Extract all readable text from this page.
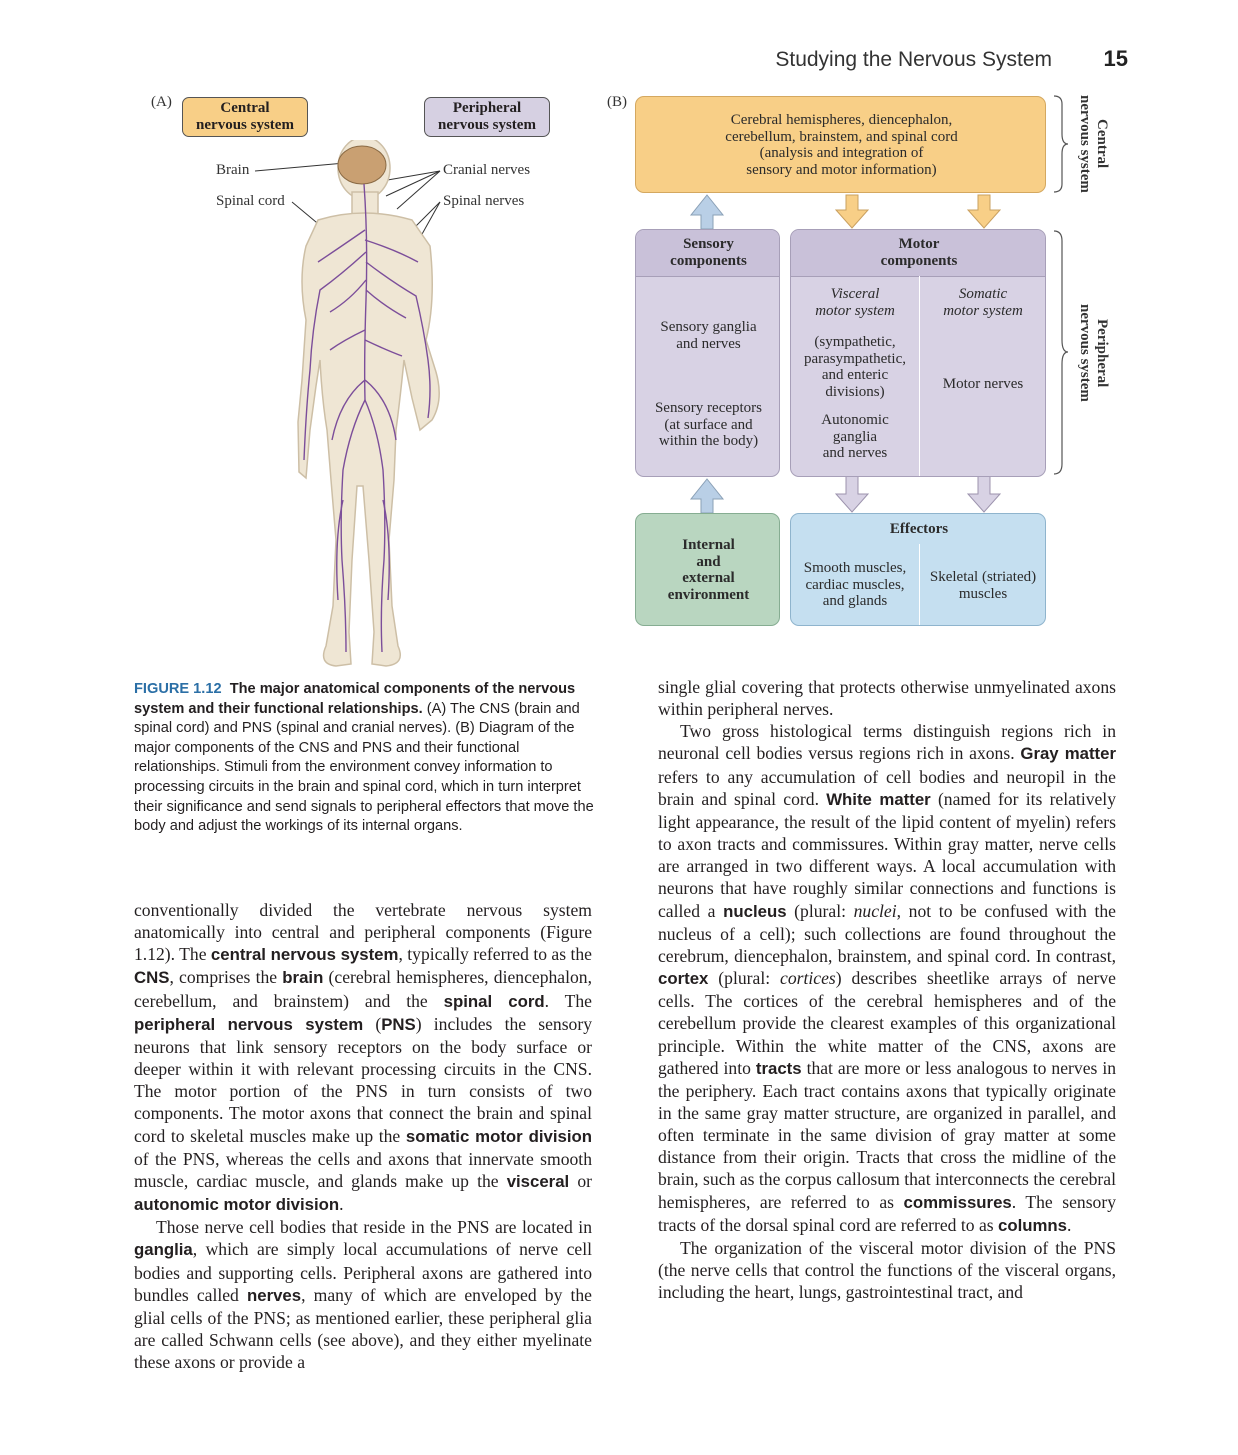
Studying the Nervous System	15
(A)	Central
nervous system
Peripheral
nervous system
Brain
Spinal cord
Cranial nerves
Spinal nerves
(B)
Cerebral hemispheres, diencephalon,
cerebellum, brainstem, and spinal cord
(analysis and integration of
sensory and motor information)
Sensory
components
Sensory ganglia
and nerves
Sensory receptors
(at surface and
within the body)
Motor
components
Visceral
motor system
(sympathetic,
parasympathetic,
and enteric
divisions)
Autonomic
ganglia
and nerves
Somatic
motor system
Motor nerves
Internal
and
external
environment
Effectors
Smooth muscles,
cardiac muscles,
and glands
Skeletal (striated)
muscles
Central
nervous system
Peripheral
nervous system
FIGURE 1.12 The major anatomical components of the nervous system and their functional relationships. (A) The CNS (brain and spinal cord) and PNS (spinal and cranial nerves). (B) Diagram of the major components of the CNS and PNS and their functional relationships. Stimuli from the environment convey information to processing circuits in the brain and spinal cord, which in turn interpret their significance and send signals to peripheral effectors that move the body and adjust the workings of its internal organs.

conventionally divided the vertebrate nervous system anatomically into central and peripheral components (Figure 1.12). The central nervous system, typically referred to as the CNS, comprises the brain (cerebral hemispheres, diencephalon, cerebellum, and brainstem) and the spinal cord. The peripheral nervous system (PNS) includes the sensory neurons that link sensory receptors on the body surface or deeper within it with relevant processing circuits in the CNS. The motor portion of the PNS in turn consists of two components. The motor axons that connect the brain and spinal cord to skeletal muscles make up the somatic motor division of the PNS, whereas the cells and axons that innervate smooth muscle, cardiac muscle, and glands make up the visceral or autonomic motor division.

Those nerve cell bodies that reside in the PNS are located in ganglia, which are simply local accumulations of nerve cell bodies and supporting cells. Peripheral axons are gathered into bundles called nerves, many of which are enveloped by the glial cells of the PNS; as mentioned earlier, these peripheral glia are called Schwann cells (see above), and they either myelinate these axons or provide a

single glial covering that protects otherwise unmyelinated axons within peripheral nerves.

Two gross histological terms distinguish regions rich in neuronal cell bodies versus regions rich in axons. Gray matter refers to any accumulation of cell bodies and neuropil in the brain and spinal cord. White matter (named for its relatively light appearance, the result of the lipid content of myelin) refers to axon tracts and commissures. Within gray matter, nerve cells are arranged in two different ways. A local accumulation with neurons that have roughly similar connections and functions is called a nucleus (plural: nuclei, not to be confused with the nucleus of a cell); such collections are found throughout the cerebrum, diencephalon, brainstem, and spinal cord. In contrast, cortex (plural: cortices) describes sheetlike arrays of nerve cells. The cortices of the cerebral hemispheres and of the cerebellum provide the clearest examples of this organizational principle. Within the white matter of the CNS, axons are gathered into tracts that are more or less analogous to nerves in the periphery. Each tract contains axons that typically originate in the same gray matter structure, are organized in parallel, and often terminate in the same division of gray matter at some distance from their origin. Tracts that cross the midline of the brain, such as the corpus callosum that interconnects the cerebral hemispheres, are referred to as commissures. The sensory tracts of the dorsal spinal cord are referred to as columns.

The organization of the visceral motor division of the PNS (the nerve cells that control the functions of the visceral organs, including the heart, lungs, gastrointestinal tract, and
